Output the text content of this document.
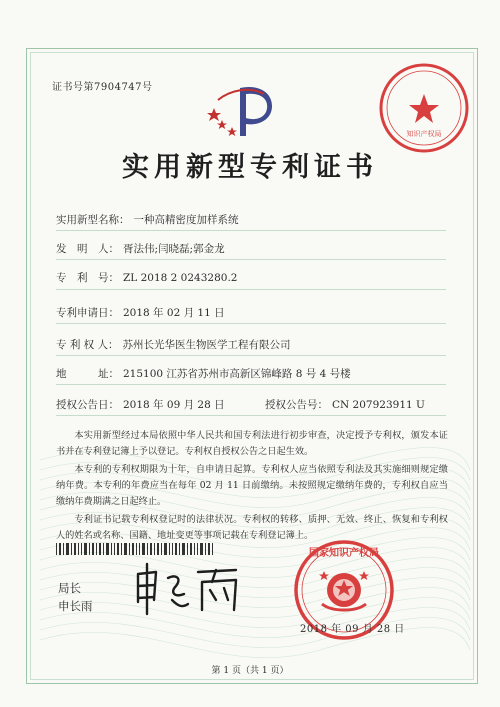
证书号第7904747号
知识产权局
实用新型专利证书
实用新型名称： 一种高精密度加样系统
发　明　人： 胥法伟;闫晓磊;郭金龙
专　利　号： ZL 2018 2 0243280.2
专利申请日： 2018 年 02 月 11 日
专 利 权 人： 苏州长光华医生物医学工程有限公司
地　　　址： 215100 江苏省苏州市高新区锦峰路 8 号 4 号楼
授权公告日： 2018 年 09 月 28 日	授权公告号： CN 207923911 U

本实用新型经过本局依照中华人民共和国专利法进行初步审查，决定授予专利权，颁发本证书并在专利登记簿上予以登记。专利权自授权公告之日起生效。

本专利的专利权期限为十年，自申请日起算。专利权人应当依照专利法及其实施细则规定缴纳年费。本专利的年费应当在每年 02 月 11 日前缴纳。未按照规定缴纳年费的，专利权自应当缴纳年费期满之日起终止。

专利证书记载专利权登记时的法律状况。专利权的转移、质押、无效、终止、恢复和专利权人的姓名或名称、国籍、地址变更等事项记载在专利登记簿上。

局长
申长雨
国家知识产权局
2018 年 09 月 28 日
第 1 页（共 1 页）
